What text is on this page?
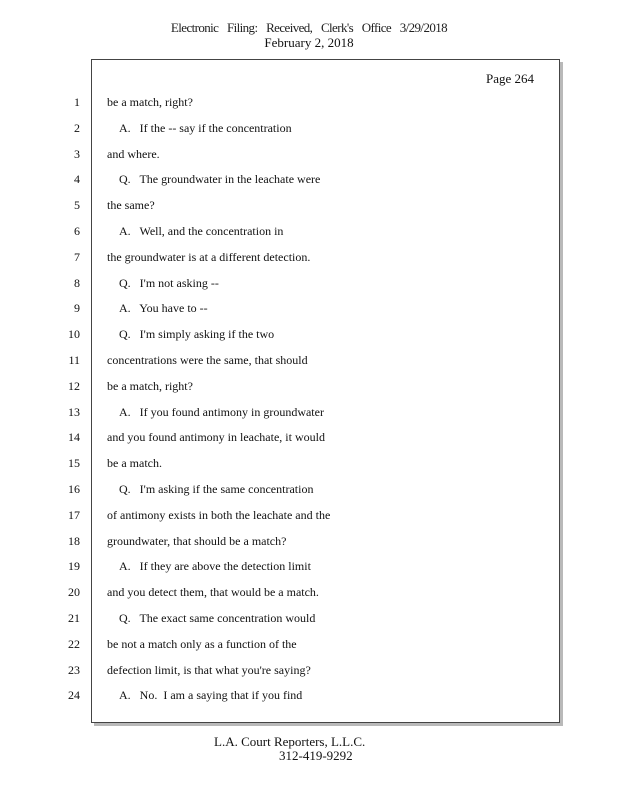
Electronic Filing: Received, Clerk's Office 3/29/2018
February 2, 2018
Page 264
1 be a match, right?
2	A.   If the -- say if the concentration
3 and where.
4	Q.   The groundwater in the leachate were
5 the same?
6	A.   Well, and the concentration in
7 the groundwater is at a different detection.
8	Q.   I'm not asking --
9	A.   You have to --
10	Q.   I'm simply asking if the two
11 concentrations were the same, that should
12 be a match, right?
13	A.   If you found antimony in groundwater
14 and you found antimony in leachate, it would
15 be a match.
16	Q.   I'm asking if the same concentration
17 of antimony exists in both the leachate and the
18 groundwater, that should be a match?
19	A.   If they are above the detection limit
20 and you detect them, that would be a match.
21	Q.   The exact same concentration would
22 be not a match only as a function of the
23 defection limit, is that what you're saying?
24	A.   No.  I am a saying that if you find
L.A. Court Reporters, L.L.C.
312-419-9292
